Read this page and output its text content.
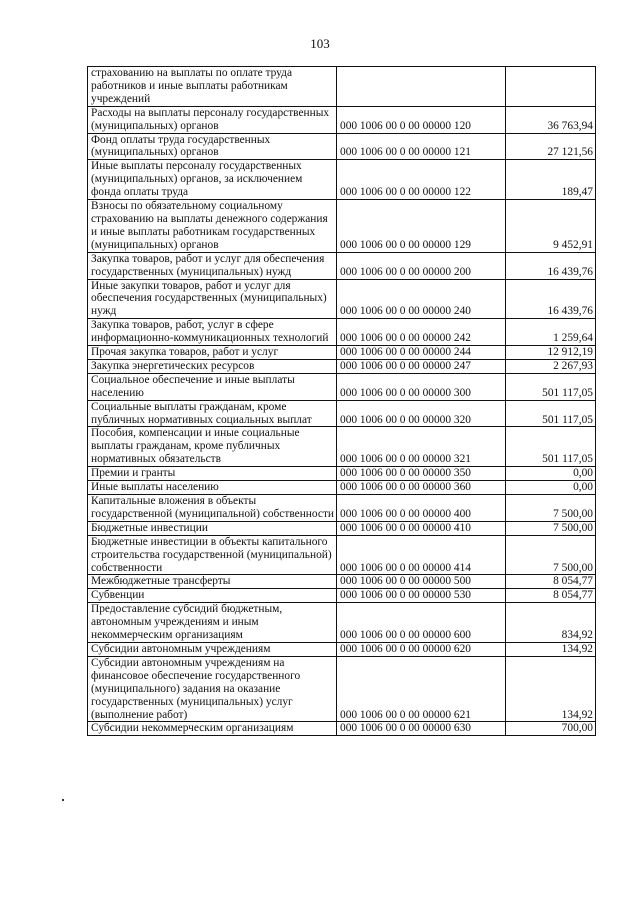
103
страхованию на выплаты по оплате труда работников и иные выплаты работникам учреждений		
Расходы на выплаты персоналу государственных (муниципальных) органов	000 1006 00 0 00 00000 120	36 763,94
Фонд оплаты труда государственных (муниципальных) органов	000 1006 00 0 00 00000 121	27 121,56
Иные выплаты персоналу государственных (муниципальных) органов, за исключением фонда оплаты труда	000 1006 00 0 00 00000 122	189,47
Взносы по обязательному социальному страхованию на выплаты денежного содержания и иные выплаты работникам государственных (муниципальных) органов	000 1006 00 0 00 00000 129	9 452,91
Закупка товаров, работ и услуг для обеспечения государственных (муниципальных) нужд	000 1006 00 0 00 00000 200	16 439,76
Иные закупки товаров, работ и услуг для обеспечения государственных (муниципальных) нужд	000 1006 00 0 00 00000 240	16 439,76
Закупка товаров, работ, услуг в сфере информационно-коммуникационных технологий	000 1006 00 0 00 00000 242	1 259,64
Прочая закупка товаров, работ и услуг	000 1006 00 0 00 00000 244	12 912,19
Закупка энергетических ресурсов	000 1006 00 0 00 00000 247	2 267,93
Социальное обеспечение и иные выплаты населению	000 1006 00 0 00 00000 300	501 117,05
Социальные выплаты гражданам, кроме публичных нормативных социальных выплат	000 1006 00 0 00 00000 320	501 117,05
Пособия, компенсации и иные социальные выплаты гражданам, кроме публичных нормативных обязательств	000 1006 00 0 00 00000 321	501 117,05
Премии и гранты	000 1006 00 0 00 00000 350	0,00
Иные выплаты населению	000 1006 00 0 00 00000 360	0,00
Капитальные вложения в объекты государственной (муниципальной) собственности	000 1006 00 0 00 00000 400	7 500,00
Бюджетные инвестиции	000 1006 00 0 00 00000 410	7 500,00
Бюджетные инвестиции в объекты капитального строительства государственной (муниципальной) собственности	000 1006 00 0 00 00000 414	7 500,00
Межбюджетные трансферты	000 1006 00 0 00 00000 500	8 054,77
Субвенции	000 1006 00 0 00 00000 530	8 054,77
Предоставление субсидий бюджетным, автономным учреждениям и иным некоммерческим организациям	000 1006 00 0 00 00000 600	834,92
Субсидии автономным учреждениям	000 1006 00 0 00 00000 620	134,92
Субсидии автономным учреждениям на финансовое обеспечение государственного (муниципального) задания на оказание государственных (муниципальных) услуг (выполнение работ)	000 1006 00 0 00 00000 621	134,92
Субсидии некоммерческим организациям	000 1006 00 0 00 00000 630	700,00
